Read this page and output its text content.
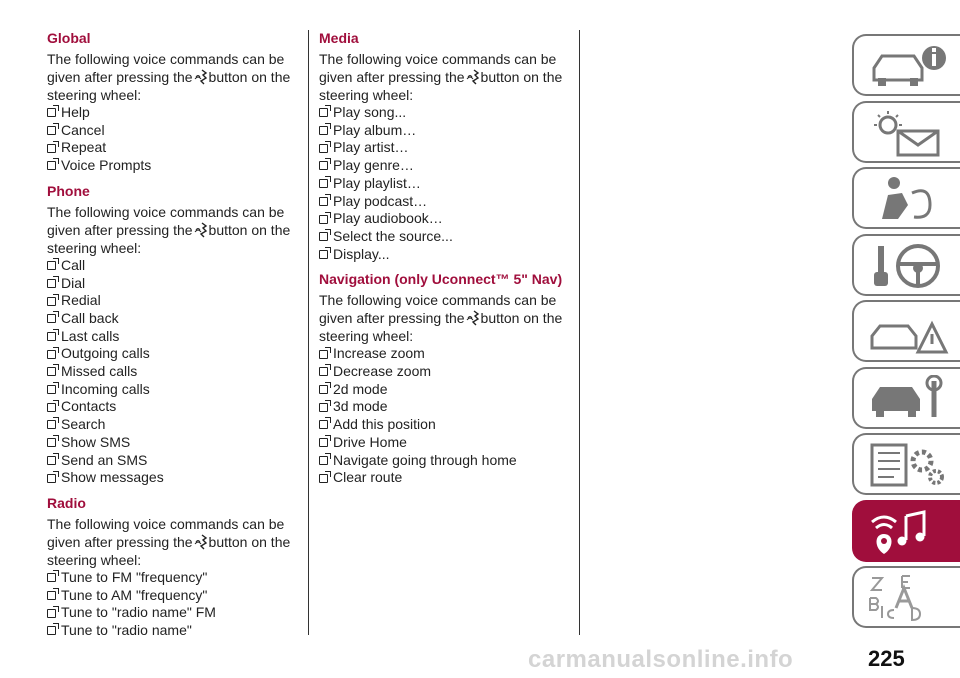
Global

The following voice commands can be given after pressing the button on the steering wheel:

Help
Cancel
Repeat
Voice Prompts
Phone

The following voice commands can be given after pressing the button on the steering wheel:

Call
Dial
Redial
Call back
Last calls
Outgoing calls
Missed calls
Incoming calls
Contacts
Search
Show SMS
Send an SMS
Show messages
Radio

The following voice commands can be given after pressing the button on the steering wheel:

Tune to FM "frequency"
Tune to AM "frequency"
Tune to "radio name" FM
Tune to "radio name"
Media

The following voice commands can be given after pressing the button on the steering wheel:

Play song...
Play album…
Play artist…
Play genre…
Play playlist…
Play podcast…
Play audiobook…
Select the source...
Display...
Navigation (only Uconnect™ 5" Nav)

The following voice commands can be given after pressing the button on the steering wheel:

Increase zoom
Decrease zoom
2d mode
3d mode
Add this position
Drive Home
Navigate going through home
Clear route
225
carmanualsonline.info
